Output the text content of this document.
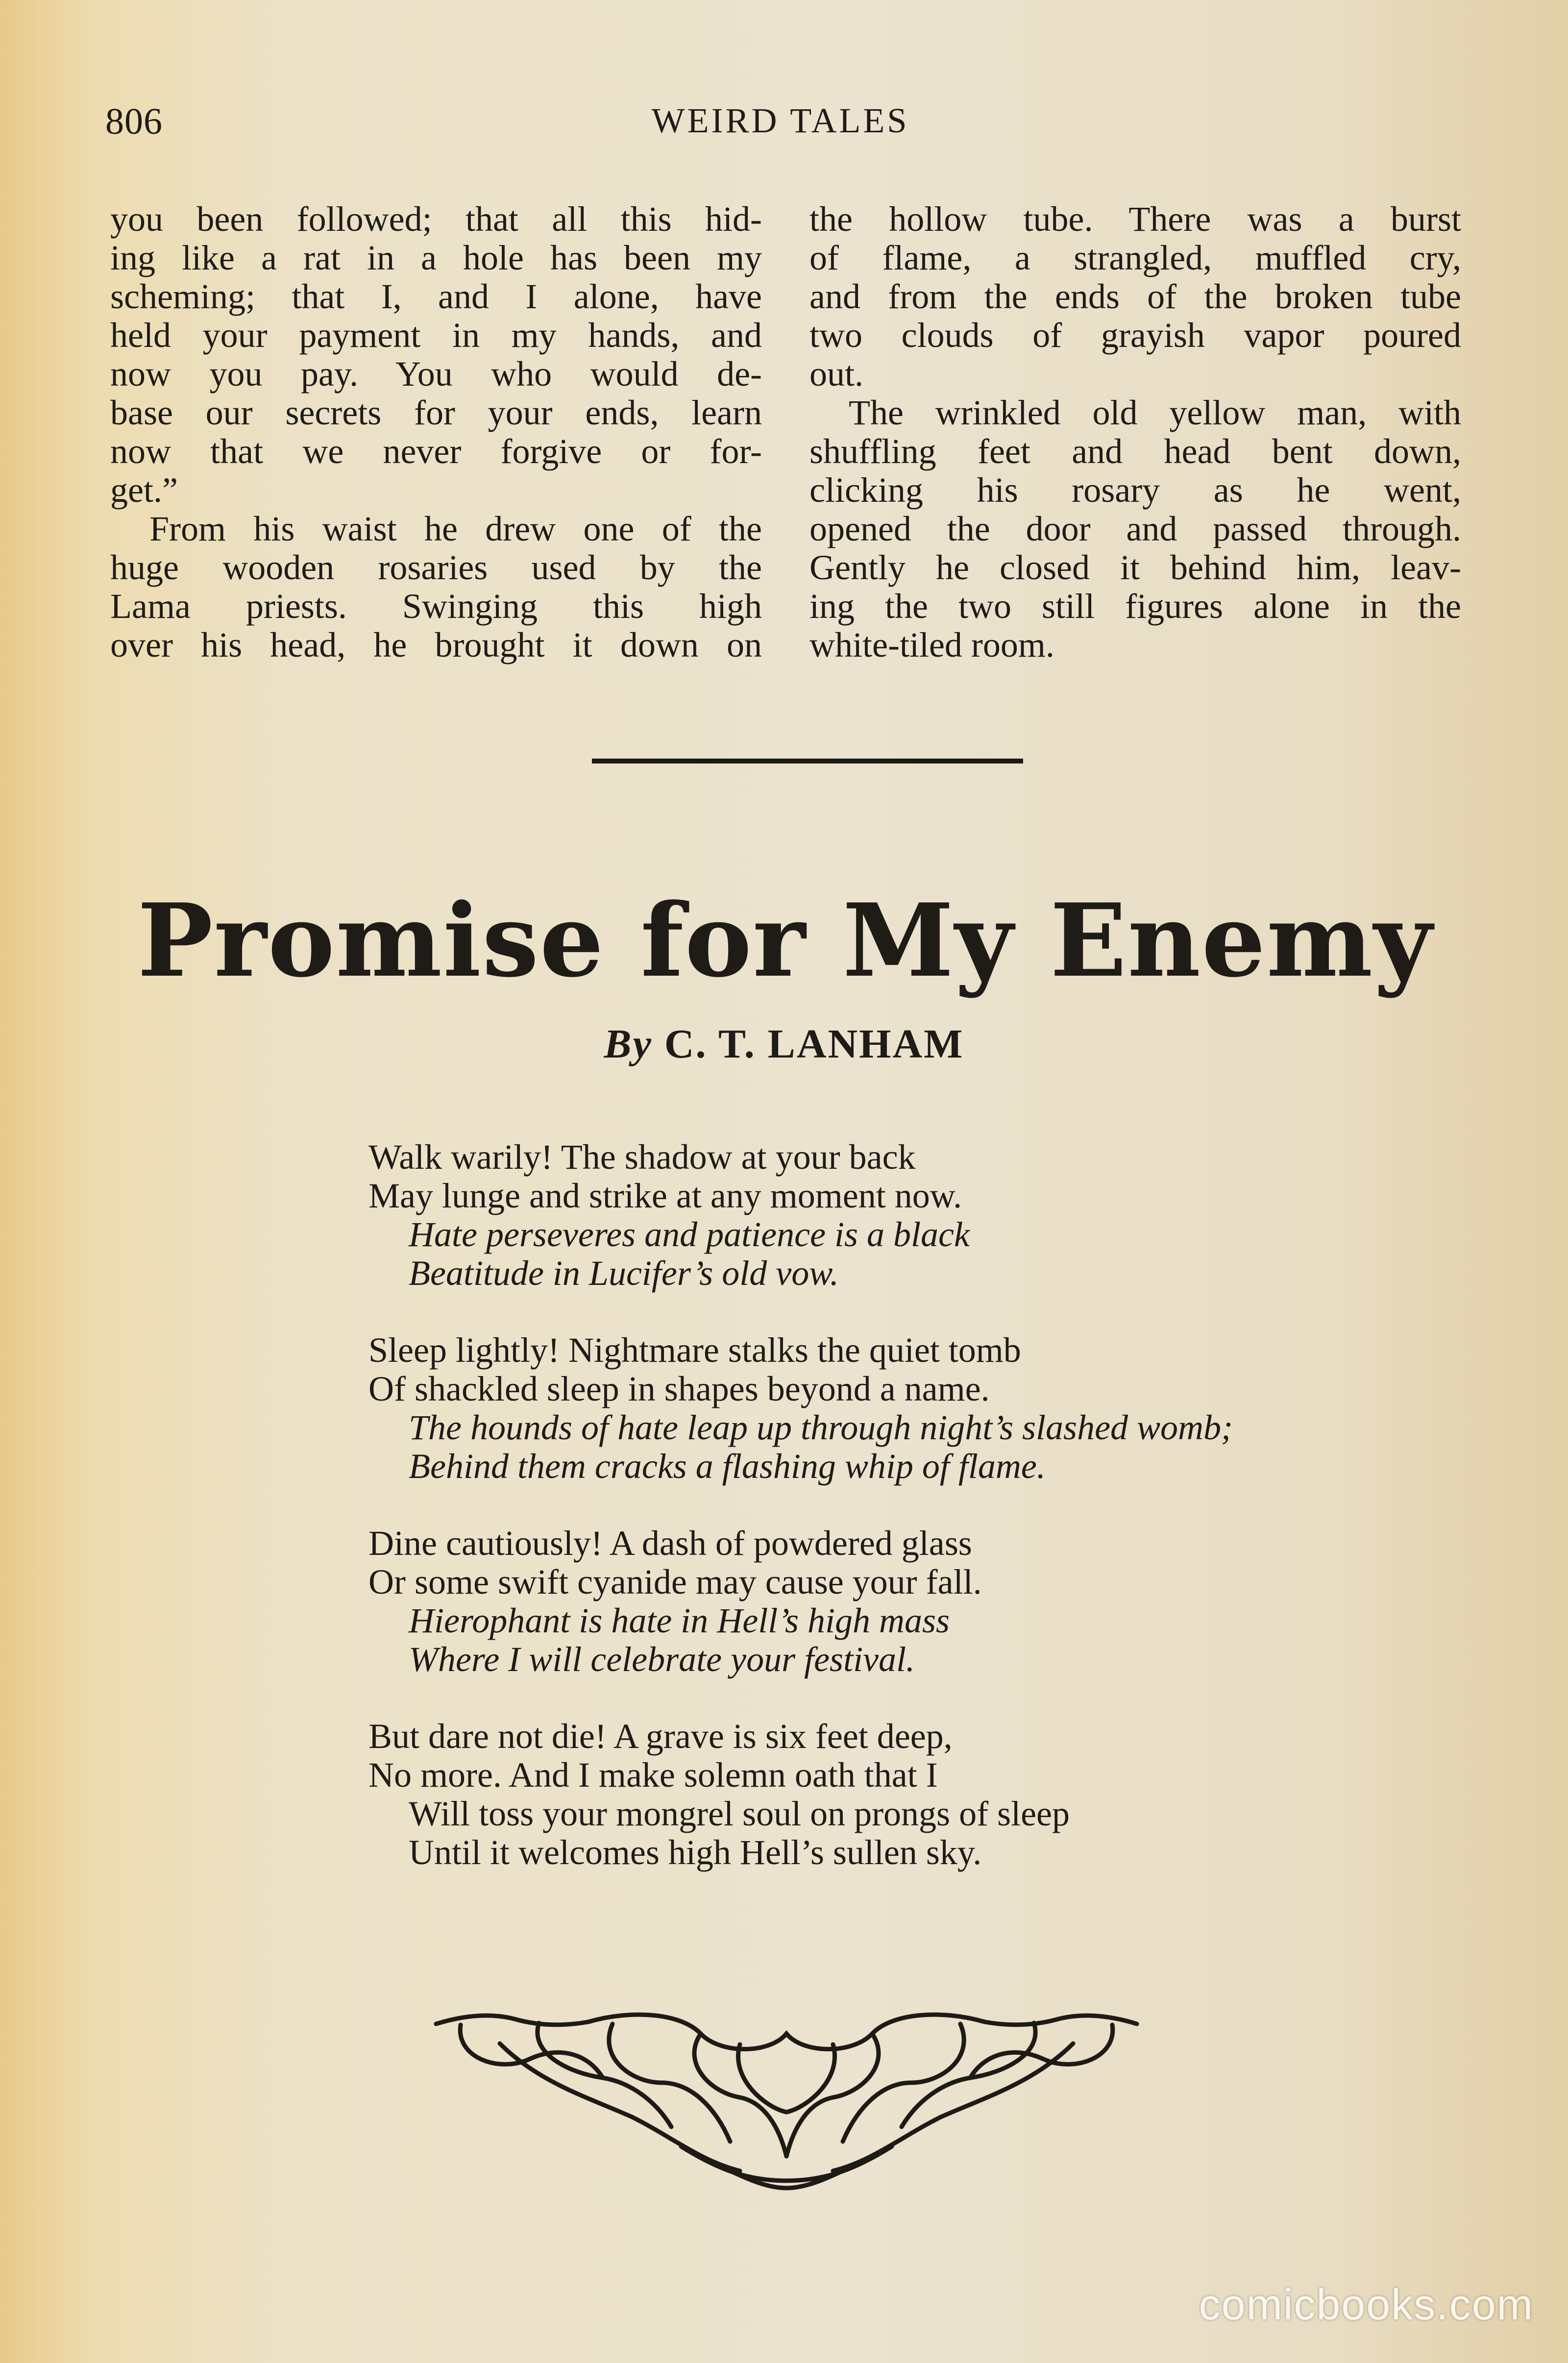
806	WEIRD TALES
you been followed; that all this hid-
ing like a rat in a hole has been my
scheming; that I, and I alone, have
held your payment in my hands, and
now you pay. You who would de-
base our secrets for your ends, learn
now that we never forgive or for-
get.”
From his waist he drew one of the
huge wooden rosaries used by the
Lama priests. Swinging this high
over his head, he brought it down on
the hollow tube. There was a burst
of flame, a strangled, muffled cry,
and from the ends of the broken tube
two clouds of grayish vapor poured
out.
The wrinkled old yellow man, with
shuffling feet and head bent down,
clicking his rosary as he went,
opened the door and passed through.
Gently he closed it behind him, leav-
ing the two still figures alone in the
white-tiled room.
Promise for My Enemy
By C. T. LANHAM
Walk warily! The shadow at your back
May lunge and strike at any moment now.
Hate perseveres and patience is a black
Beatitude in Lucifer’s old vow.
Sleep lightly! Nightmare stalks the quiet tomb
Of shackled sleep in shapes beyond a name.
The hounds of hate leap up through night’s slashed womb;
Behind them cracks a flashing whip of flame.
Dine cautiously! A dash of powdered glass
Or some swift cyanide may cause your fall.
Hierophant is hate in Hell’s high mass
Where I will celebrate your festival.
But dare not die! A grave is six feet deep,
No more. And I make solemn oath that I
Will toss your mongrel soul on prongs of sleep
Until it welcomes high Hell’s sullen sky.
comicbooks.com
